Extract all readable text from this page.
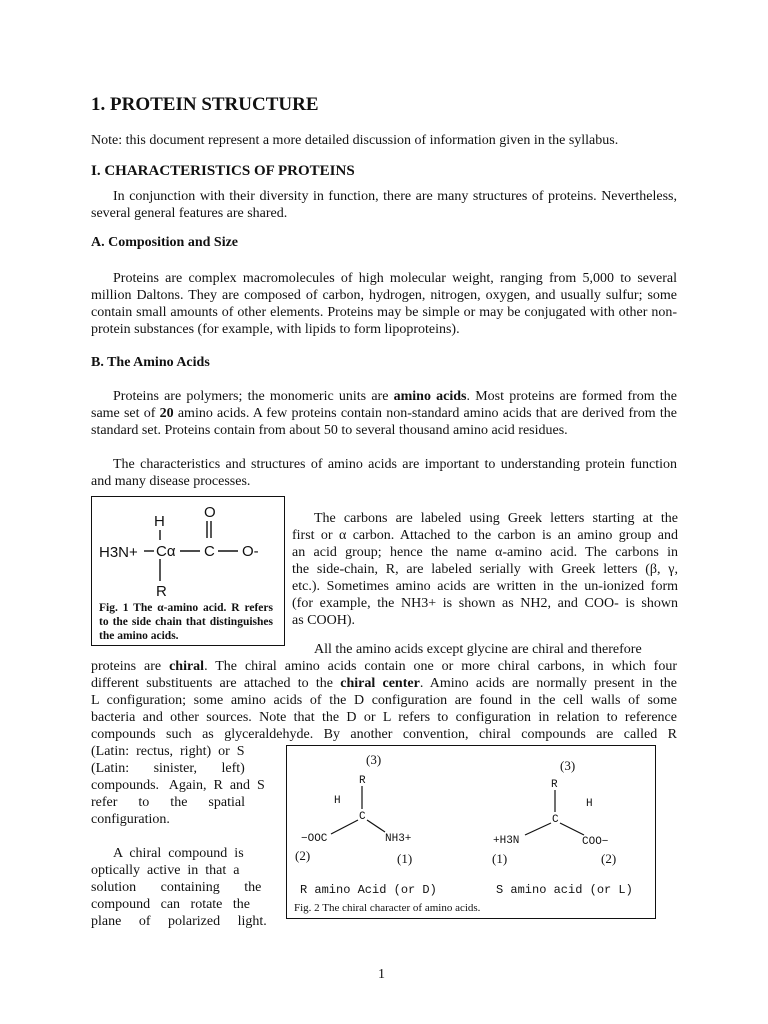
1. PROTEIN STRUCTURE
Note: this document represent a more detailed discussion of information given in the syllabus.
I. CHARACTERISTICS OF PROTEINS
In conjunction with their diversity in function, there are many structures of proteins. Nevertheless, several general features are shared.
A. Composition and Size
Proteins are complex macromolecules of high molecular weight, ranging from 5,000 to several million Daltons. They are composed of carbon, hydrogen, nitrogen, oxygen, and usually sulfur; some contain small amounts of other elements. Proteins may be simple or may be conjugated with other non-protein substances (for example, with lipids to form lipoproteins).
B. The Amino Acids
Proteins are polymers; the monomeric units are amino acids. Most proteins are formed from the same set of 20 amino acids. A few proteins contain non-standard amino acids that are derived from the standard set. Proteins contain from about 50 to several thousand amino acid residues.
The characteristics and structures of amino acids are important to understanding protein function and many disease processes.
H
O
H3N+ Cα C O-
R
Fig. 1 The α-amino acid. R refers to the side chain that distinguishes the amino acids.
The carbons are labeled using Greek letters starting at the
first or α carbon. Attached to the carbon is an amino group and
an acid group; hence the name α-amino acid. The carbons in
the side-chain, R, are labeled serially with Greek letters (β, γ,
etc.). Sometimes amino acids are written in the un-ionized form
(for example, the NH3+ is shown as NH2, and COO- is shown
as COOH).
All the amino acids except glycine are chiral and therefore
proteins are chiral. The chiral amino acids contain one or more chiral carbons, in which four
different substituents are attached to the chiral center. Amino acids are normally present in the
L configuration; some amino acids of the D configuration are found in the cell walls of some
bacteria and other sources. Note that the D or L refers to configuration in relation to reference
compounds such as glyceraldehyde. By another convention, chiral compounds are called R
(Latin:  rectus,  right)  or  S
(Latin:       sinister,       left)
compounds.   Again,  R  and  S
refer      to      the      spatial
configuration.
A  chiral  compound  is
optically  active  in  that  a
solution       containing       the
compound   can   rotate   the
plane     of     polarized     light.
(3)
R
H
C
−OOC	NH3+
(2)	(1)
R amino Acid (or D)
(3)
R
H
C
+H3N	COO−
(1)	(2)
S amino acid (or L)
Fig. 2 The chiral character of amino acids.
1
